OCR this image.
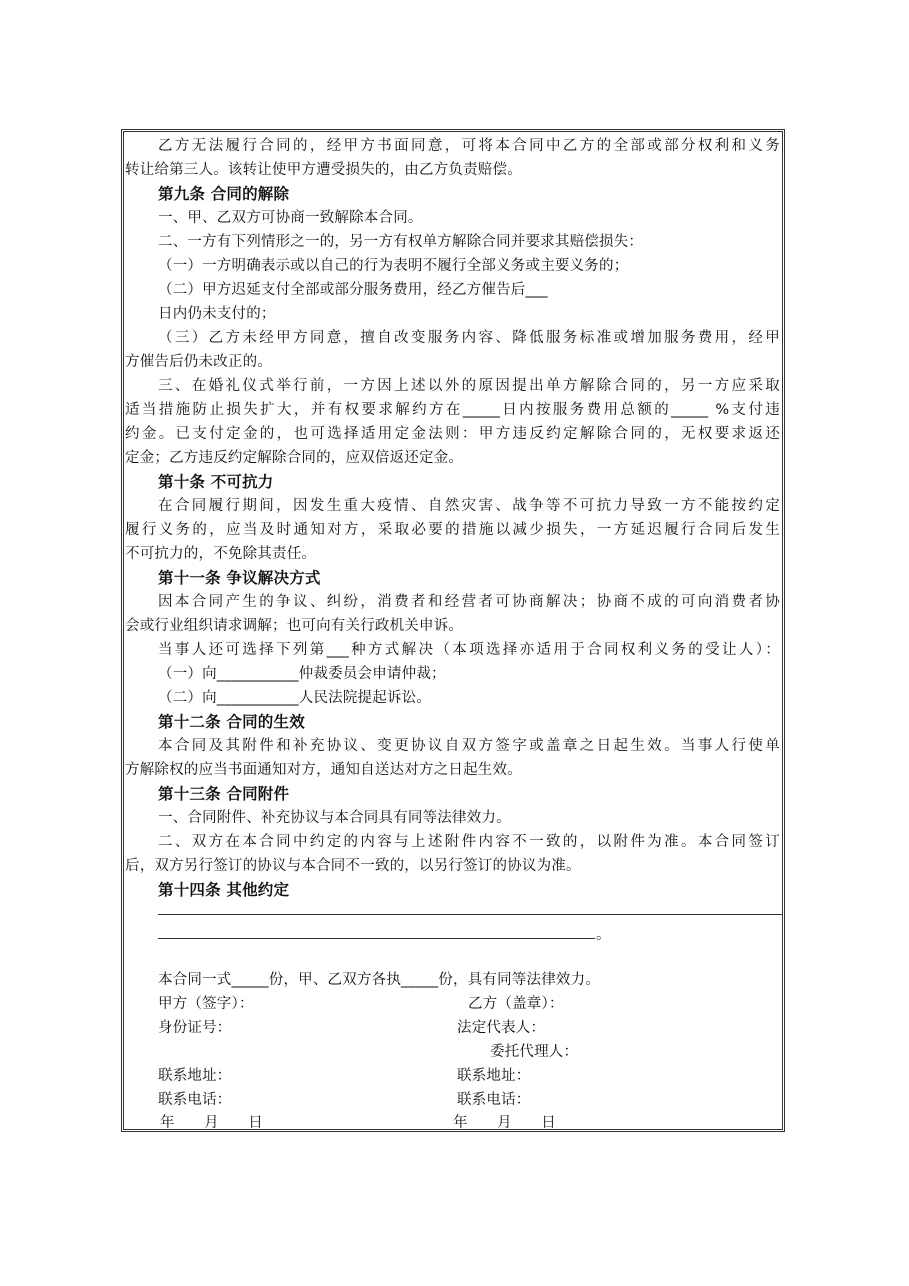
乙方无法履行合同的，经甲方书面同意，可将本合同中乙方的全部或部分权利和义务
转让给第三人。该转让使甲方遭受损失的，由乙方负责赔偿。
第九条 合同的解除
一、甲、乙双方可协商一致解除本合同。
二、一方有下列情形之一的，另一方有权单方解除合同并要求其赔偿损失：
（一）一方明确表示或以自己的行为表明不履行全部义务或主要义务的；
（二）甲方迟延支付全部或部分服务费用，经乙方催告后___
日内仍未支付的；
（三）乙方未经甲方同意，擅自改变服务内容、降低服务标准或增加服务费用，经甲
方催告后仍未改正的。
三、在婚礼仪式举行前，一方因上述以外的原因提出单方解除合同的，另一方应采取
适当措施防止损失扩大，并有权要求解约方在_____日内按服务费用总额的_____ %支付违
约金。已支付定金的，也可选择适用定金法则：甲方违反约定解除合同的，无权要求返还
定金；乙方违反约定解除合同的，应双倍返还定金。
第十条 不可抗力
在合同履行期间，因发生重大疫情、自然灾害、战争等不可抗力导致一方不能按约定
履行义务的，应当及时通知对方，采取必要的措施以减少损失，一方延迟履行合同后发生
不可抗力的，不免除其责任。
第十一条 争议解决方式
因本合同产生的争议、纠纷，消费者和经营者可协商解决；协商不成的可向消费者协
会或行业组织请求调解；也可向有关行政机关申诉。
当事人还可选择下列第___种方式解决（本项选择亦适用于合同权利义务的受让人）：
（一）向___________仲裁委员会申请仲裁；
（二）向___________人民法院提起诉讼。
第十二条 合同的生效
本合同及其附件和补充协议、变更协议自双方签字或盖章之日起生效。当事人行使单
方解除权的应当书面通知对方，通知自送达对方之日起生效。
第十三条 合同附件
一、合同附件、补充协议与本合同具有同等法律效力。
二、双方在本合同中约定的内容与上述附件内容不一致的，以附件为准。本合同签订
后，双方另行签订的协议与本合同不一致的，以另行签订的协议为准。
第十四条 其他约定
。
本合同一式_____份，甲、乙双方各执_____份，具有同等法律效力。
甲方（签字）：
身份证号：
联系地址：
联系电话：
年　　月　　日
乙方（盖章）：
法定代表人：
委托代理人：
联系地址：
联系电话：
年　　月　　日
